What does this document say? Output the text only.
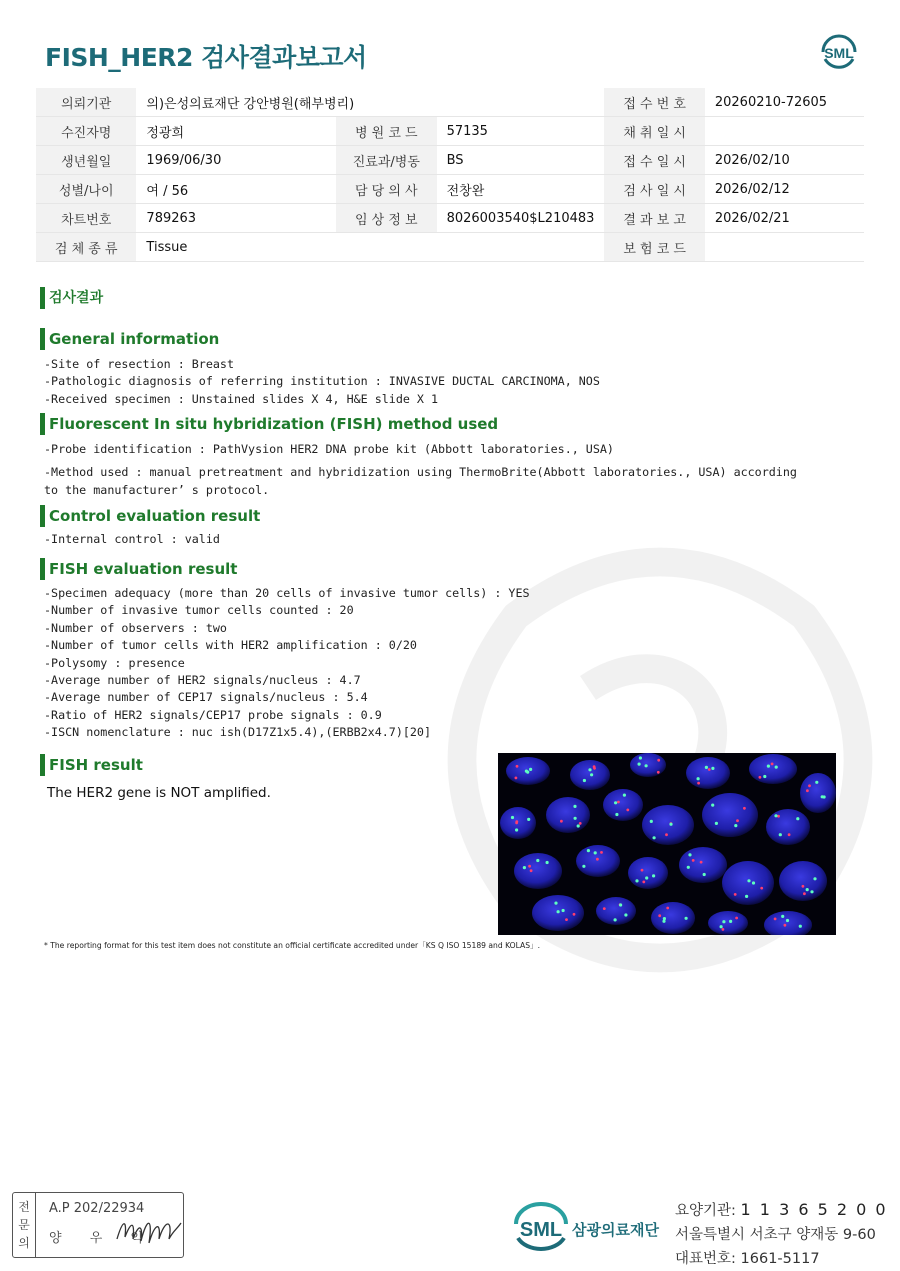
FISH_HER2 검사결과보고서	SML
의뢰기관	의)은성의료재단 강안병원(해부병리)			접 수 번 호	20260210-72605
수진자명	정광희	병 원 코 드	57135	채 취 일 시	
생년월일	1969/06/30	진료과/병동	BS	접 수 일 시	2026/02/10
성별/나이	여 / 56	담 당 의 사	전창완	검 사 일 시	2026/02/12
차트번호	789263	임 상 정 보	8026003540$L210483	결 과 보 고	2026/02/21
검 체 종 류	Tissue			보 험 코 드	
검사결과
General information
-Site of resection : Breast
-Pathologic diagnosis of referring institution : INVASIVE DUCTAL CARCINOMA, NOS
-Received specimen : Unstained slides X 4, H&E slide X 1
Fluorescent In situ hybridization (FISH) method used
-Probe identification : PathVysion HER2 DNA probe kit (Abbott laboratories., USA)
-Method used : manual pretreatment and hybridization using ThermoBrite(Abbott laboratories., USA) according
to the manufacturer’ s protocol.
Control evaluation result
-Internal control : valid
FISH evaluation result
-Specimen adequacy (more than 20 cells of invasive tumor cells) : YES
-Number of invasive tumor cells counted : 20
-Number of observers : two
-Number of tumor cells with HER2 amplification : 0/20
-Polysomy : presence
-Average number of HER2 signals/nucleus : 4.7
-Average number of CEP17 signals/nucleus : 5.4
-Ratio of HER2 signals/CEP17 probe signals : 0.9
-ISCN nomenclature : nuc ish(D17Z1x5.4),(ERBB2x4.7)[20]
FISH result
The HER2 gene is NOT amplified.
* The reporting format for this test item does not constitute an official certificate accredited under「KS Q ISO 15189 and KOLAS」.
전
문
의
A.P 202/22934
양 우 익	SML 삼광의료재단
요양기관: 1 1 3 6 5 2 0 0
서울특별시 서초구 양재동 9-60
대표번호: 1661-5117
